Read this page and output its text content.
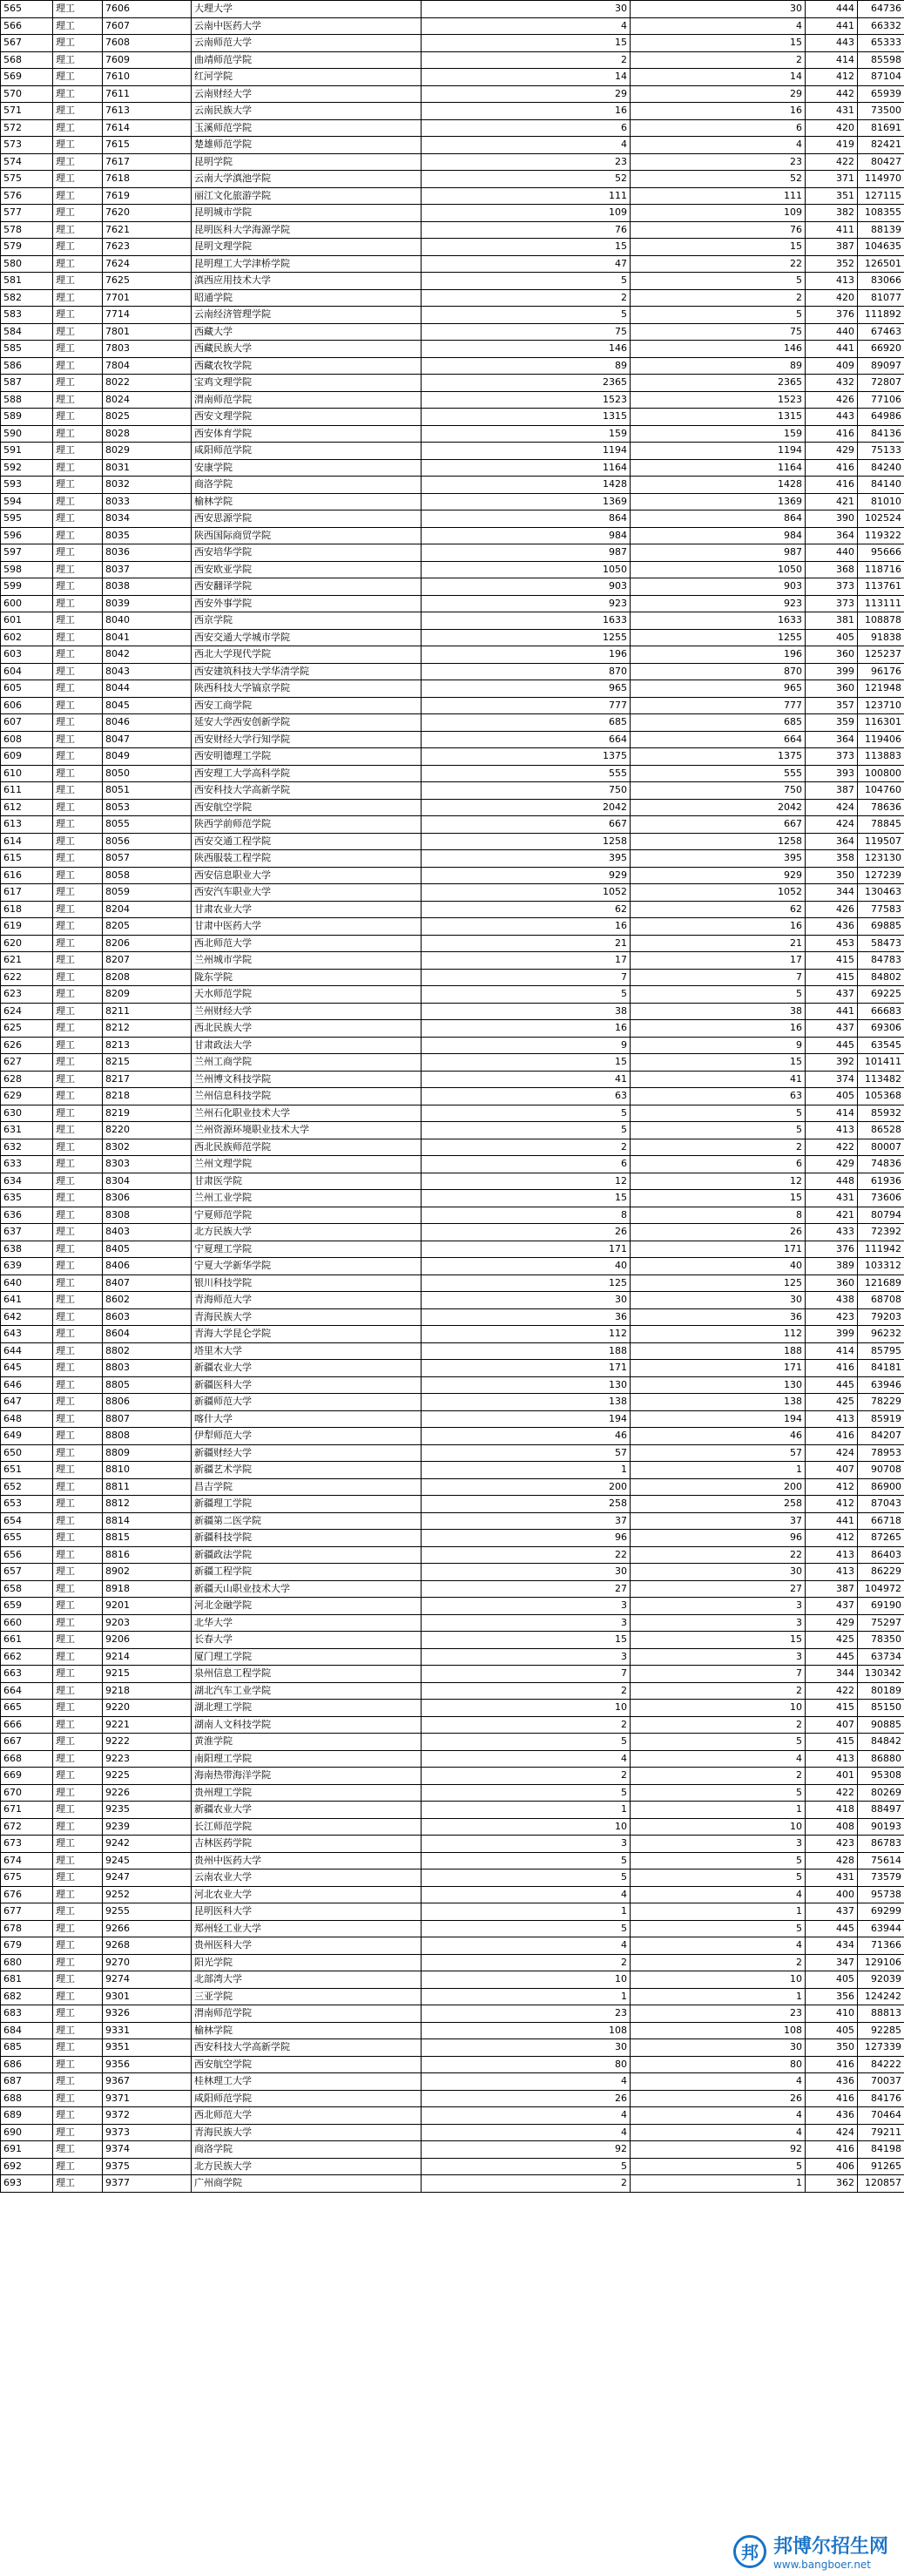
565	理工	7606	大理大学	30	30	444	64736
566	理工	7607	云南中医药大学	4	4	441	66332
567	理工	7608	云南师范大学	15	15	443	65333
568	理工	7609	曲靖师范学院	2	2	414	85598
569	理工	7610	红河学院	14	14	412	87104
570	理工	7611	云南财经大学	29	29	442	65939
571	理工	7613	云南民族大学	16	16	431	73500
572	理工	7614	玉溪师范学院	6	6	420	81691
573	理工	7615	楚雄师范学院	4	4	419	82421
574	理工	7617	昆明学院	23	23	422	80427
575	理工	7618	云南大学滇池学院	52	52	371	114970
576	理工	7619	丽江文化旅游学院	111	111	351	127115
577	理工	7620	昆明城市学院	109	109	382	108355
578	理工	7621	昆明医科大学海源学院	76	76	411	88139
579	理工	7623	昆明文理学院	15	15	387	104635
580	理工	7624	昆明理工大学津桥学院	47	22	352	126501
581	理工	7625	滇西应用技术大学	5	5	413	83066
582	理工	7701	昭通学院	2	2	420	81077
583	理工	7714	云南经济管理学院	5	5	376	111892
584	理工	7801	西藏大学	75	75	440	67463
585	理工	7803	西藏民族大学	146	146	441	66920
586	理工	7804	西藏农牧学院	89	89	409	89097
587	理工	8022	宝鸡文理学院	2365	2365	432	72807
588	理工	8024	渭南师范学院	1523	1523	426	77106
589	理工	8025	西安文理学院	1315	1315	443	64986
590	理工	8028	西安体育学院	159	159	416	84136
591	理工	8029	咸阳师范学院	1194	1194	429	75133
592	理工	8031	安康学院	1164	1164	416	84240
593	理工	8032	商洛学院	1428	1428	416	84140
594	理工	8033	榆林学院	1369	1369	421	81010
595	理工	8034	西安思源学院	864	864	390	102524
596	理工	8035	陕西国际商贸学院	984	984	364	119322
597	理工	8036	西安培华学院	987	987	440	95666
598	理工	8037	西安欧亚学院	1050	1050	368	118716
599	理工	8038	西安翻译学院	903	903	373	113761
600	理工	8039	西安外事学院	923	923	373	113111
601	理工	8040	西京学院	1633	1633	381	108878
602	理工	8041	西安交通大学城市学院	1255	1255	405	91838
603	理工	8042	西北大学现代学院	196	196	360	125237
604	理工	8043	西安建筑科技大学华清学院	870	870	399	96176
605	理工	8044	陕西科技大学镐京学院	965	965	360	121948
606	理工	8045	西安工商学院	777	777	357	123710
607	理工	8046	延安大学西安创新学院	685	685	359	116301
608	理工	8047	西安财经大学行知学院	664	664	364	119406
609	理工	8049	西安明德理工学院	1375	1375	373	113883
610	理工	8050	西安理工大学高科学院	555	555	393	100800
611	理工	8051	西安科技大学高新学院	750	750	387	104760
612	理工	8053	西安航空学院	2042	2042	424	78636
613	理工	8055	陕西学前师范学院	667	667	424	78845
614	理工	8056	西安交通工程学院	1258	1258	364	119507
615	理工	8057	陕西服装工程学院	395	395	358	123130
616	理工	8058	西安信息职业大学	929	929	350	127239
617	理工	8059	西安汽车职业大学	1052	1052	344	130463
618	理工	8204	甘肃农业大学	62	62	426	77583
619	理工	8205	甘肃中医药大学	16	16	436	69885
620	理工	8206	西北师范大学	21	21	453	58473
621	理工	8207	兰州城市学院	17	17	415	84783
622	理工	8208	陇东学院	7	7	415	84802
623	理工	8209	天水师范学院	5	5	437	69225
624	理工	8211	兰州财经大学	38	38	441	66683
625	理工	8212	西北民族大学	16	16	437	69306
626	理工	8213	甘肃政法大学	9	9	445	63545
627	理工	8215	兰州工商学院	15	15	392	101411
628	理工	8217	兰州博文科技学院	41	41	374	113482
629	理工	8218	兰州信息科技学院	63	63	405	105368
630	理工	8219	兰州石化职业技术大学	5	5	414	85932
631	理工	8220	兰州资源环境职业技术大学	5	5	413	86528
632	理工	8302	西北民族师范学院	2	2	422	80007
633	理工	8303	兰州文理学院	6	6	429	74836
634	理工	8304	甘肃医学院	12	12	448	61936
635	理工	8306	兰州工业学院	15	15	431	73606
636	理工	8308	宁夏师范学院	8	8	421	80794
637	理工	8403	北方民族大学	26	26	433	72392
638	理工	8405	宁夏理工学院	171	171	376	111942
639	理工	8406	宁夏大学新华学院	40	40	389	103312
640	理工	8407	银川科技学院	125	125	360	121689
641	理工	8602	青海师范大学	30	30	438	68708
642	理工	8603	青海民族大学	36	36	423	79203
643	理工	8604	青海大学昆仑学院	112	112	399	96232
644	理工	8802	塔里木大学	188	188	414	85795
645	理工	8803	新疆农业大学	171	171	416	84181
646	理工	8805	新疆医科大学	130	130	445	63946
647	理工	8806	新疆师范大学	138	138	425	78229
648	理工	8807	喀什大学	194	194	413	85919
649	理工	8808	伊犁师范大学	46	46	416	84207
650	理工	8809	新疆财经大学	57	57	424	78953
651	理工	8810	新疆艺术学院	1	1	407	90708
652	理工	8811	昌吉学院	200	200	412	86900
653	理工	8812	新疆理工学院	258	258	412	87043
654	理工	8814	新疆第二医学院	37	37	441	66718
655	理工	8815	新疆科技学院	96	96	412	87265
656	理工	8816	新疆政法学院	22	22	413	86403
657	理工	8902	新疆工程学院	30	30	413	86229
658	理工	8918	新疆天山职业技术大学	27	27	387	104972
659	理工	9201	河北金融学院	3	3	437	69190
660	理工	9203	北华大学	3	3	429	75297
661	理工	9206	长春大学	15	15	425	78350
662	理工	9214	厦门理工学院	3	3	445	63734
663	理工	9215	泉州信息工程学院	7	7	344	130342
664	理工	9218	湖北汽车工业学院	2	2	422	80189
665	理工	9220	湖北理工学院	10	10	415	85150
666	理工	9221	湖南人文科技学院	2	2	407	90885
667	理工	9222	黄淮学院	5	5	415	84842
668	理工	9223	南阳理工学院	4	4	413	86880
669	理工	9225	海南热带海洋学院	2	2	401	95308
670	理工	9226	贵州理工学院	5	5	422	80269
671	理工	9235	新疆农业大学	1	1	418	88497
672	理工	9239	长江师范学院	10	10	408	90193
673	理工	9242	吉林医药学院	3	3	423	86783
674	理工	9245	贵州中医药大学	5	5	428	75614
675	理工	9247	云南农业大学	5	5	431	73579
676	理工	9252	河北农业大学	4	4	400	95738
677	理工	9255	昆明医科大学	1	1	437	69299
678	理工	9266	郑州轻工业大学	5	5	445	63944
679	理工	9268	贵州医科大学	4	4	434	71366
680	理工	9270	阳光学院	2	2	347	129106
681	理工	9274	北部湾大学	10	10	405	92039
682	理工	9301	三亚学院	1	1	356	124242
683	理工	9326	渭南师范学院	23	23	410	88813
684	理工	9331	榆林学院	108	108	405	92285
685	理工	9351	西安科技大学高新学院	30	30	350	127339
686	理工	9356	西安航空学院	80	80	416	84222
687	理工	9367	桂林理工大学	4	4	436	70037
688	理工	9371	咸阳师范学院	26	26	416	84176
689	理工	9372	西北师范大学	4	4	436	70464
690	理工	9373	青海民族大学	4	4	424	79211
691	理工	9374	商洛学院	92	92	416	84198
692	理工	9375	北方民族大学	5	5	406	91265
693	理工	9377	广州商学院	2	1	362	120857
邦 邦博尔招生网
www.bangboer.net
